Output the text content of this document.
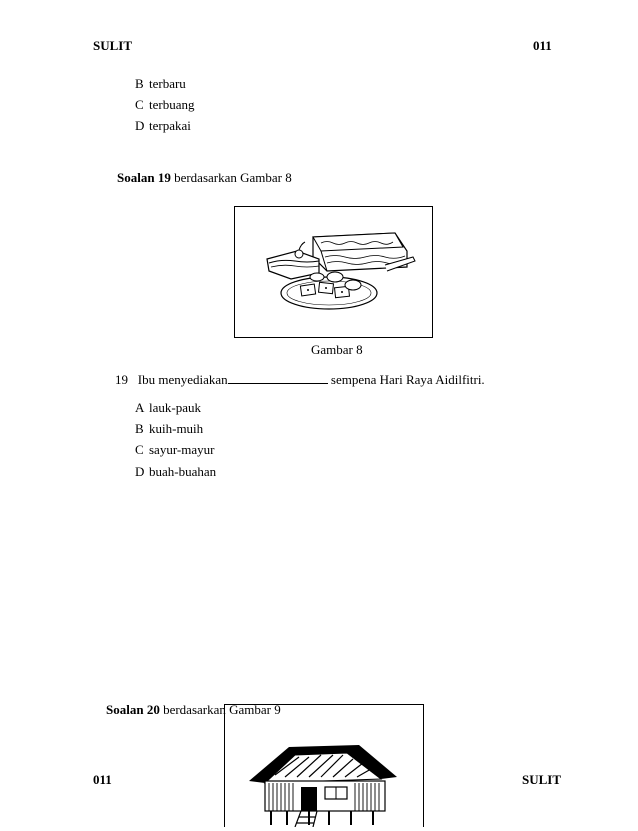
SULIT	011
B terbaru
C terbuang
D terpakai
Soalan 19 berdasarkan Gambar 8
Gambar 8
19 Ibu menyediakan	sempena Hari Raya Aidilfitri.
A lauk-pauk
B kuih-muih
C sayur-mayur
D buah-buahan
Soalan 20 berdasarkan Gambar 9
011	SULIT
